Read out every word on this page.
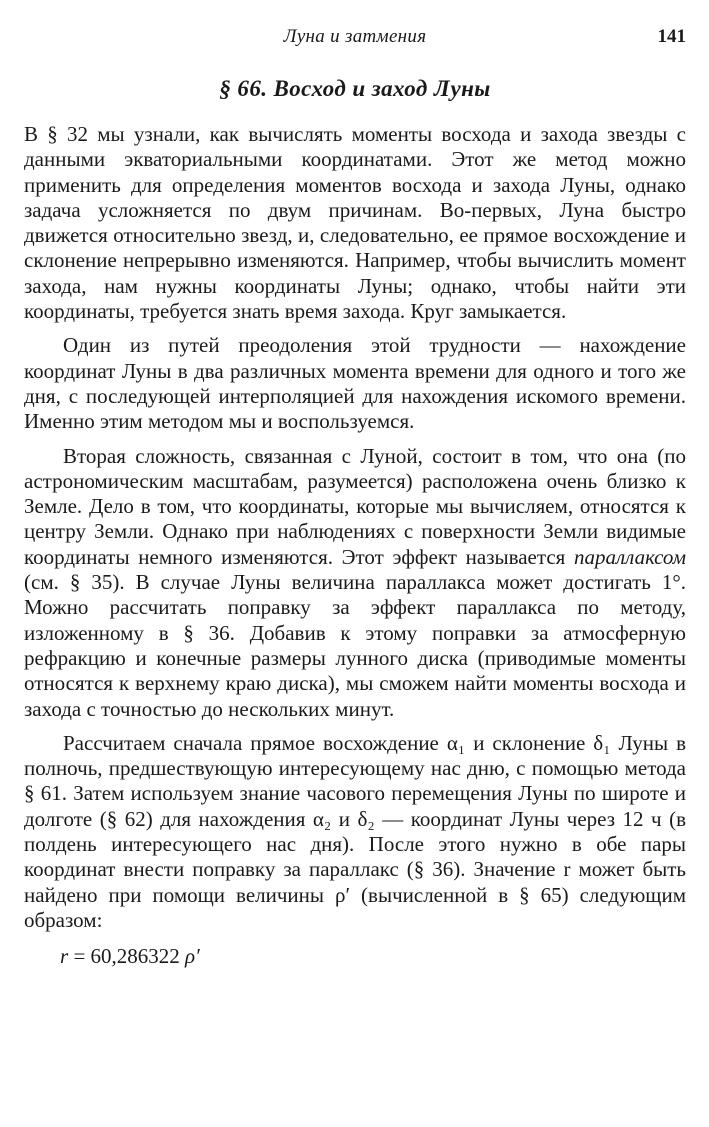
Луна и затмения	141
§ 66. Восход и заход Луны

В § 32 мы узнали, как вычислять моменты восхода и захода звезды с данными экваториальными координатами. Этот же метод можно применить для определения моментов восхода и захода Луны, однако задача усложняется по двум причинам. Во-первых, Луна быстро движется относительно звезд, и, следовательно, ее прямое восхождение и склонение непрерывно изменяются. Например, чтобы вычислить момент захода, нам нужны координаты Луны; однако, чтобы найти эти координаты, требуется знать время захода. Круг замыкается.

Один из путей преодоления этой трудности — нахождение координат Луны в два различных момента времени для одного и того же дня, с последующей интерполяцией для нахождения искомого времени. Именно этим методом мы и воспользуемся.

Вторая сложность, связанная с Луной, состоит в том, что она (по астрономическим масштабам, разумеется) расположена очень близко к Земле. Дело в том, что координаты, которые мы вычисляем, относятся к центру Земли. Однако при наблюдениях с поверхности Земли видимые координаты немного изменяются. Этот эффект называется параллаксом (см. § 35). В случае Луны величина параллакса может достигать 1°. Можно рассчитать поправку за эффект параллакса по методу, изложенному в § 36. Добавив к этому поправки за атмосферную рефракцию и конечные размеры лунного диска (приводимые моменты относятся к верхнему краю диска), мы сможем найти моменты восхода и захода с точностью до нескольких минут.

Рассчитаем сначала прямое восхождение α₁ и склонение δ₁ Луны в полночь, предшествующую интересующему нас дню, с помощью метода § 61. Затем используем знание часового перемещения Луны по широте и долготе (§ 62) для нахождения α₂ и δ₂ — координат Луны через 12 ч (в полдень интересующего нас дня). После этого нужно в обе пары координат внести поправку за параллакс (§ 36). Значение r может быть найдено при помощи величины ρ′ (вычисленной в § 65) следующим образом:

r = 60,286322 ρ′
